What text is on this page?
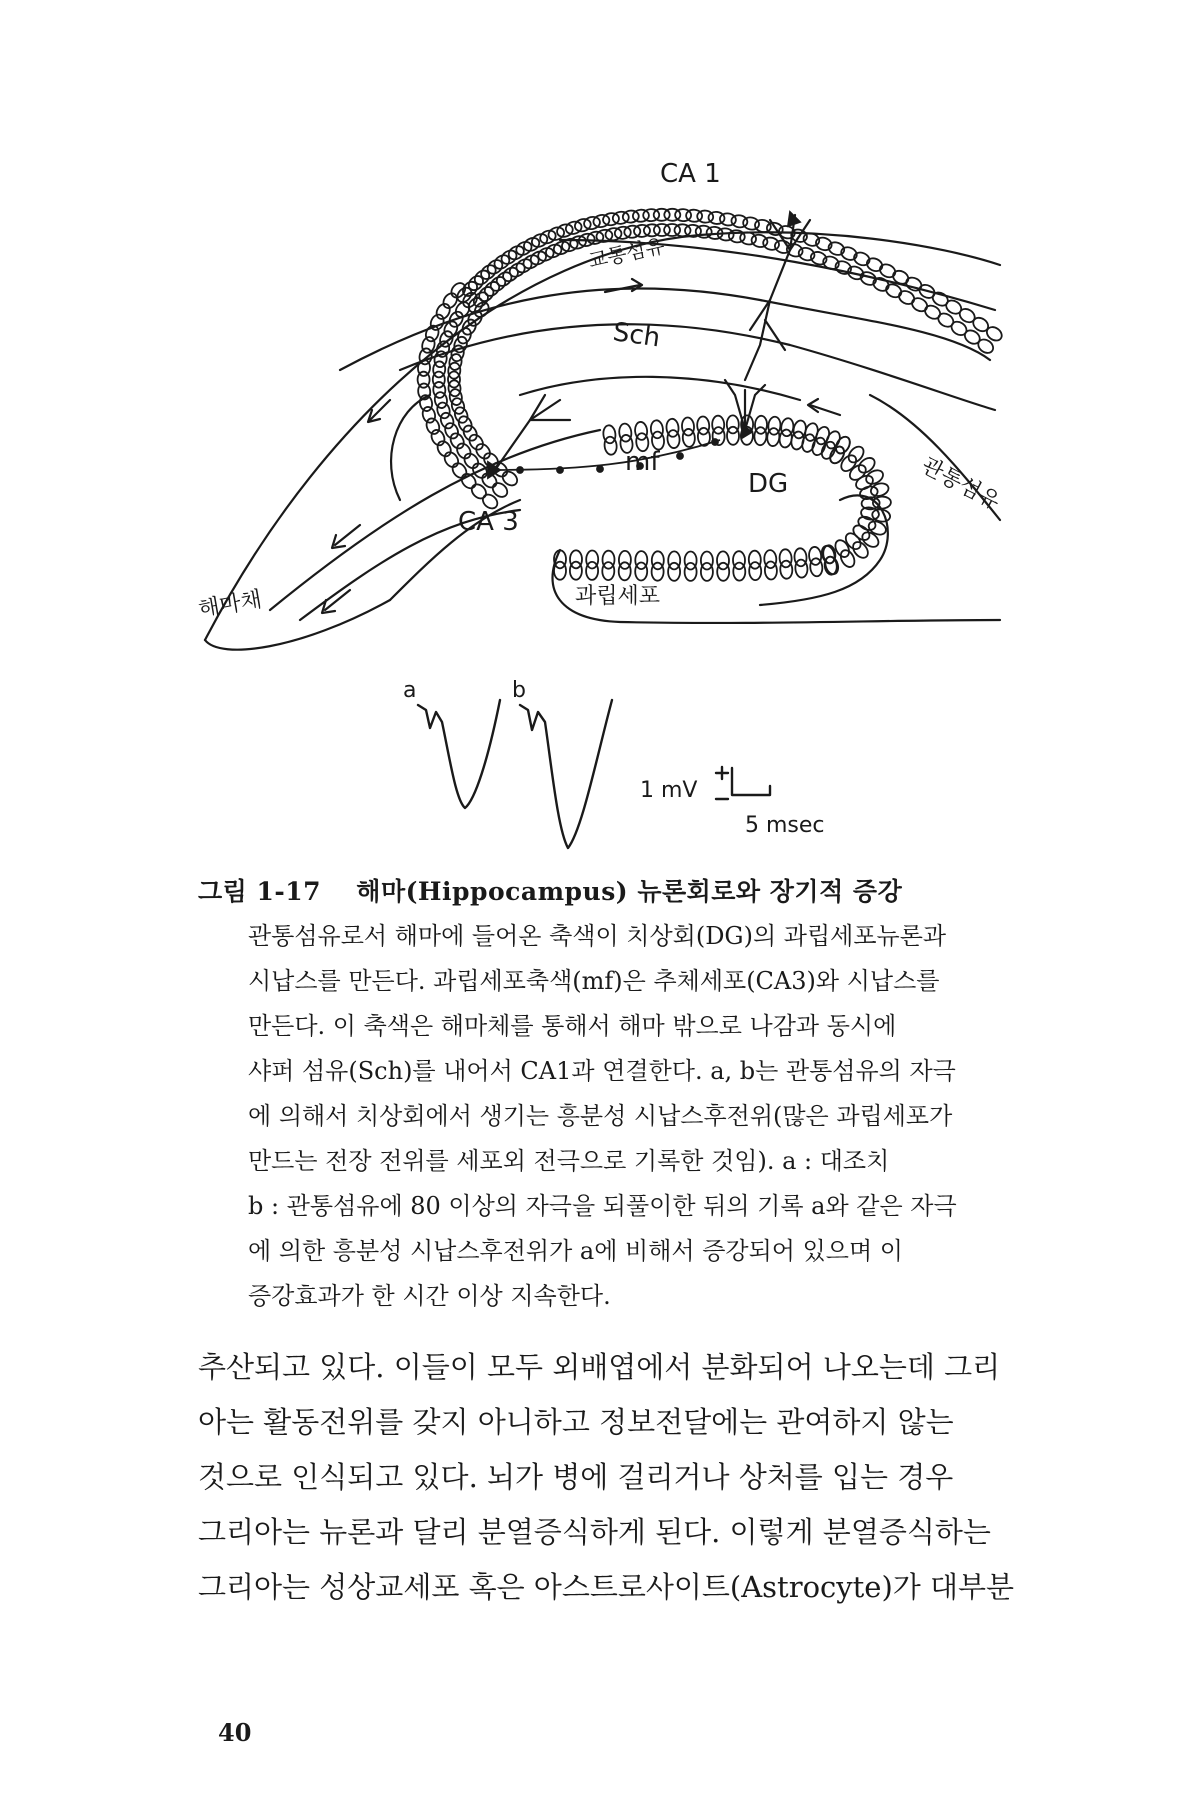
CA 1
교통섬유
Sch
mf
DG	관통섬유
CA 3
해마채	과립세포
a	b
1 mV
5 msec
그림 1-17 해마(Hippocampus) 뉴론회로와 장기적 증강

관통섬유로서 해마에 들어온 축색이 치상회(DG)의 과립세포뉴론과
시납스를 만든다. 과립세포축색(mf)은 추체세포(CA3)와 시납스를
만든다. 이 축색은 해마체를 통해서 해마 밖으로 나감과 동시에
샤퍼 섬유(Sch)를 내어서 CA1과 연결한다. a, b는 관통섬유의 자극
에 의해서 치상회에서 생기는 흥분성 시납스후전위(많은 과립세포가
만드는 전장 전위를 세포외 전극으로 기록한 것임). a : 대조치
b : 관통섬유에 80 이상의 자극을 되풀이한 뒤의 기록 a와 같은 자극
에 의한 흥분성 시납스후전위가 a에 비해서 증강되어 있으며 이
증강효과가 한 시간 이상 지속한다.

추산되고 있다. 이들이 모두 외배엽에서 분화되어 나오는데 그리
아는 활동전위를 갖지 아니하고 정보전달에는 관여하지 않는
것으로 인식되고 있다. 뇌가 병에 걸리거나 상처를 입는 경우
그리아는 뉴론과 달리 분열증식하게 된다. 이렇게 분열증식하는
그리아는 성상교세포 혹은 아스트로사이트(Astrocyte)가 대부분

40
